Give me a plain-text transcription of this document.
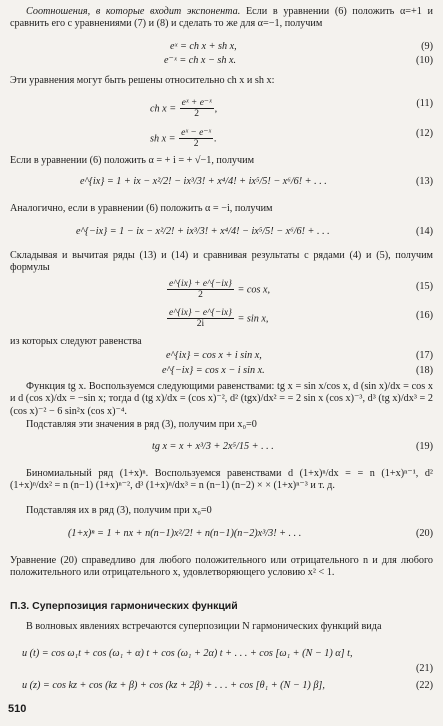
Соотношения, в которые входит экспонента. Если в уравнении (6) положить α=+1 и сравнить его с уравнениями (7) и (8) и сделать то же для α=−1, получим
eˣ = ch x + sh x,	(9)
e⁻ˣ = ch x − sh x.	(10)
Эти уравнения могут быть решены относительно ch x и sh x:
ch $x = \frac{\text{eˣ + e⁻ˣ}}{2}$ ,	(11)
sh $x = \frac{\text{eˣ − e⁻ˣ}}{2}$ .	(12)
Если в уравнении (6) положить α = + i = + √−1, получим
e^{ix} = 1 + ix − x²/2! − ix³/3! + x⁴/4! + ix⁵/5! − x⁶/6! + . . .	(13)
Аналогично, если в уравнении (6) положить α = −i, получим
e^{−ix} = 1 − ix − x²/2! + ix³/3! + x⁴/4! − ix⁵/5! − x⁶/6! + . . .	(14)
Складывая и вычитая ряды (13) и (14) и сравнивая результаты с рядами (4) и (5), получим формулы
$\frac{e\^{}\{ix\} + e\^{}\{-ix\}}{2} = \cos x$,	(15)
$\frac{e\^{}\{ix\} - e\^{}\{-ix\}}{2i} = \sin x$,	(16)
из которых следуют равенства
e^{ix} = cos x + i sin x,	(17)
e^{−ix} = cos x − i sin x.	(18)
Функция tg x. Воспользуемся следующими равенствами: tg x = sin x/cos x, d (sin x)/dx = cos x и d (cos x)/dx = −sin x; тогда d (tg x)/dx = (cos x)⁻², d² (tgx)/dx² = = 2 sin x (cos x)⁻³, d³ (tg x)/dx³ = 2 (cos x)⁻² − 6 sin²x (cos x)⁻⁴.
Подставляя эти значения в ряд (3), получим при x₀=0
tg x = x + x³/3 + 2x⁵/15 + . . .	(19)
Биномиальный ряд (1+x)ⁿ. Воспользуемся равенствами d (1+x)ⁿ/dx = = n (1+x)ⁿ⁻¹, d² (1+x)ⁿ/dx² = n (n−1) (1+x)ⁿ⁻², d³ (1+x)ⁿ/dx³ = n (n−1) (n−2) × × (1+x)ⁿ⁻³ и т. д.
Подставляя их в ряд (3), получим при x₀=0
(1+x)ⁿ = 1 + nx + n(n−1)x²/2! + n(n−1)(n−2)x³/3! + . . .	(20)
Уравнение (20) справедливо для любого положительного или отрицательного n и для любого положительного или отрицательного x, удовлетворяющего условию x² < 1.
П.3. Суперпозиция гармонических функций
В волновых явлениях встречаются суперпозиции N гармонических функций вида
u (t) = cos ω₁t + cos (ω₁ + α) t + cos (ω₁ + 2α) t + . . . + cos [ω₁ + (N − 1) α] t,
(21)
u (z) = cos kz + cos (kz + β) + cos (kz + 2β) + . . . + cos [θ₁ + (N − 1) β],	(22)
510
